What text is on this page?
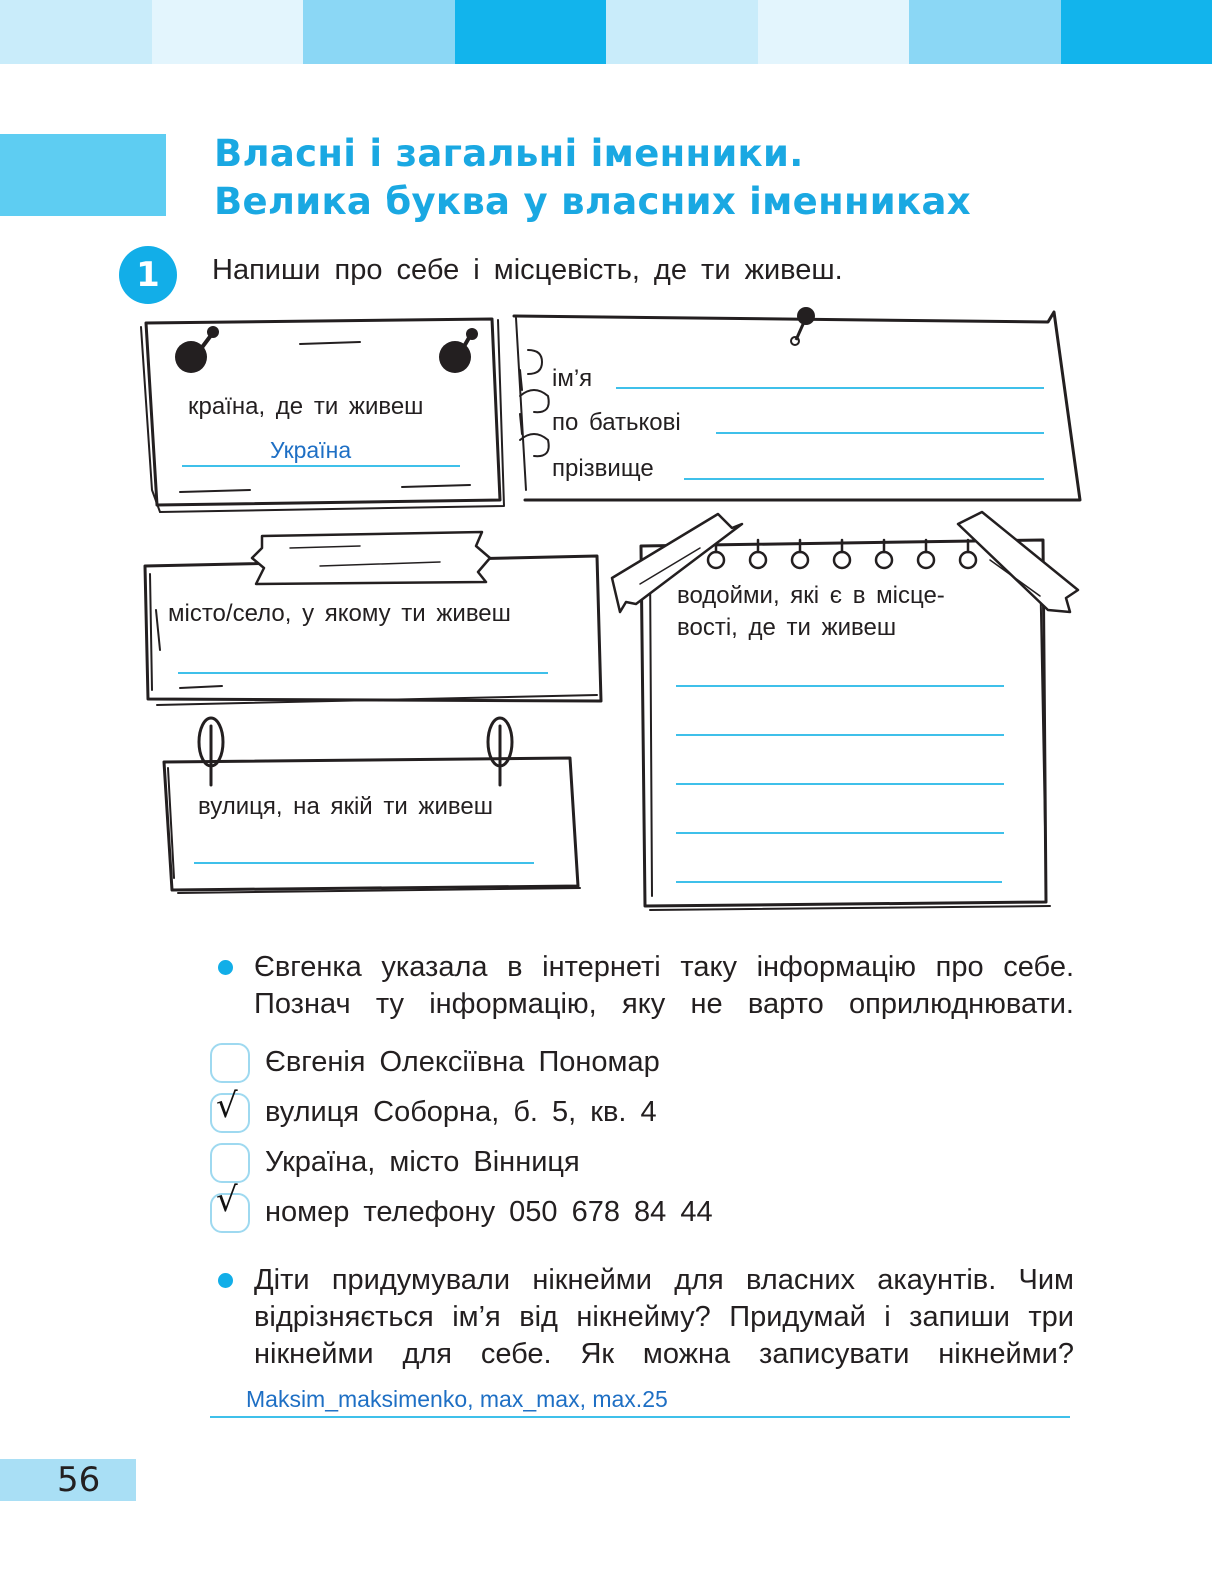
Власні і загальні іменники.
Велика буква у власних іменниках
1	Напиши про себе і місцевість, де ти живеш.
країна, де ти живеш
Україна
ім’я
по батькові
прізвище
місто/село, у якому ти живеш
вулиця, на якій ти живеш
водойми, які є в місце-
вості, де ти живеш
Євгенка указала в інтернеті таку інформацію про себе.
Познач ту інформацію, яку не варто оприлюднювати.
Євгенія Олексіївна Пономар
√ вулиця Соборна, б. 5, кв. 4
Україна, місто Вінниця
√ номер телефону 050 678 84 44
Діти придумували нікнейми для власних акаунтів. Чим
відрізняється ім’я від нікнейму? Придумай і запиши три
нікнейми для себе. Як можна записувати нікнейми?
Maksim_maksimenko, max_max, max.25
56
